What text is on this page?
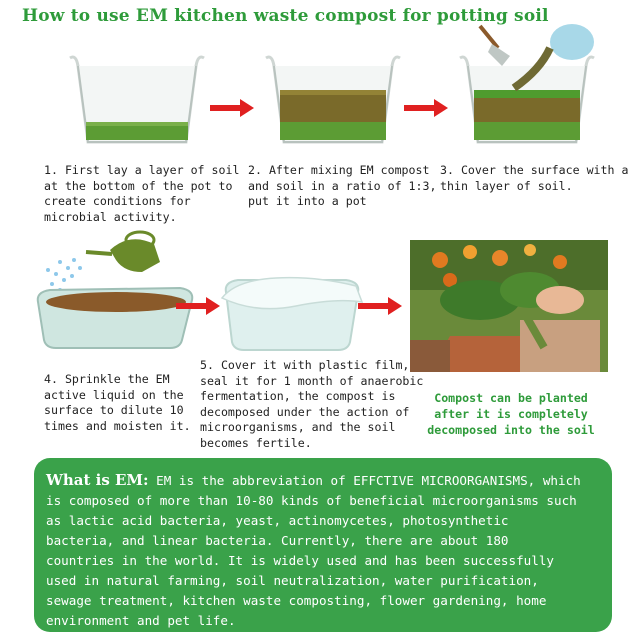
How to use EM kitchen waste compost for potting soil
1. First lay a layer of soil
at the bottom of the pot to
create conditions for
microbial activity.
2. After mixing EM compost
and soil in a ratio of 1:3,
put it into a pot
3. Cover the surface with a
thin layer of soil.
4. Sprinkle the EM
active liquid on the
surface to dilute 10
times and moisten it.
5. Cover it with plastic film,
seal it for 1 month of anaerobic
fermentation, the compost is
decomposed under the action of
microorganisms, and the soil
becomes fertile.
Compost can be planted
after it is completely
decomposed into the soil
What is EM: EM is the abbreviation of EFFCTIVE MICROORGANISMS, which
is composed of more than 10-80 kinds of beneficial microorganisms such
as lactic acid bacteria, yeast, actinomycetes, photosynthetic
bacteria, and linear bacteria. Currently, there are about 180
countries in the world. It is widely used and has been successfully
used in natural farming, soil neutralization, water purification,
sewage treatment, kitchen waste composting, flower gardening, home
environment and pet life.
